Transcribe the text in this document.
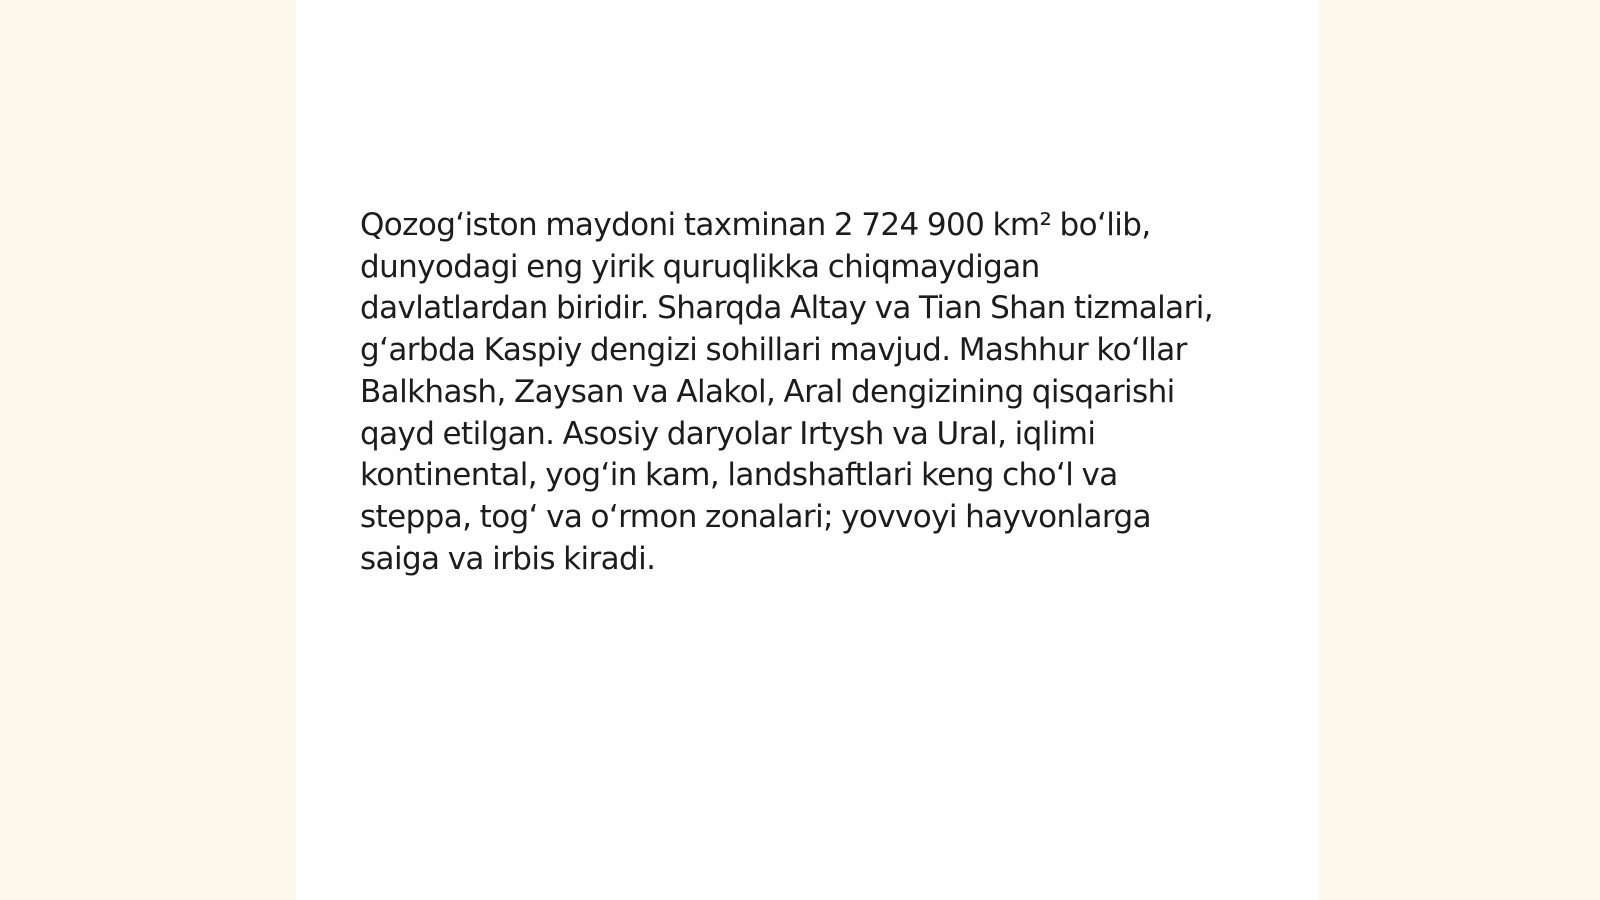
Qozog‘iston maydoni taxminan 2 724 900 km² bo‘lib, dunyodagi eng yirik quruqlikka chiqmaydigan davlatlardan biridir. Sharqda Altay va Tian Shan tizmalari, g‘arbda Kaspiy dengizi sohillari mavjud. Mashhur ko‘llar Balkhash, Zaysan va Alakol, Aral dengizining qisqarishi qayd etilgan. Asosiy daryolar Irtysh va Ural, iqlimi kontinental, yog‘in kam, landshaftlari keng cho‘l va steppa, tog‘ va o‘rmon zonalari; yovvoyi hayvonlarga saiga va irbis kiradi.
